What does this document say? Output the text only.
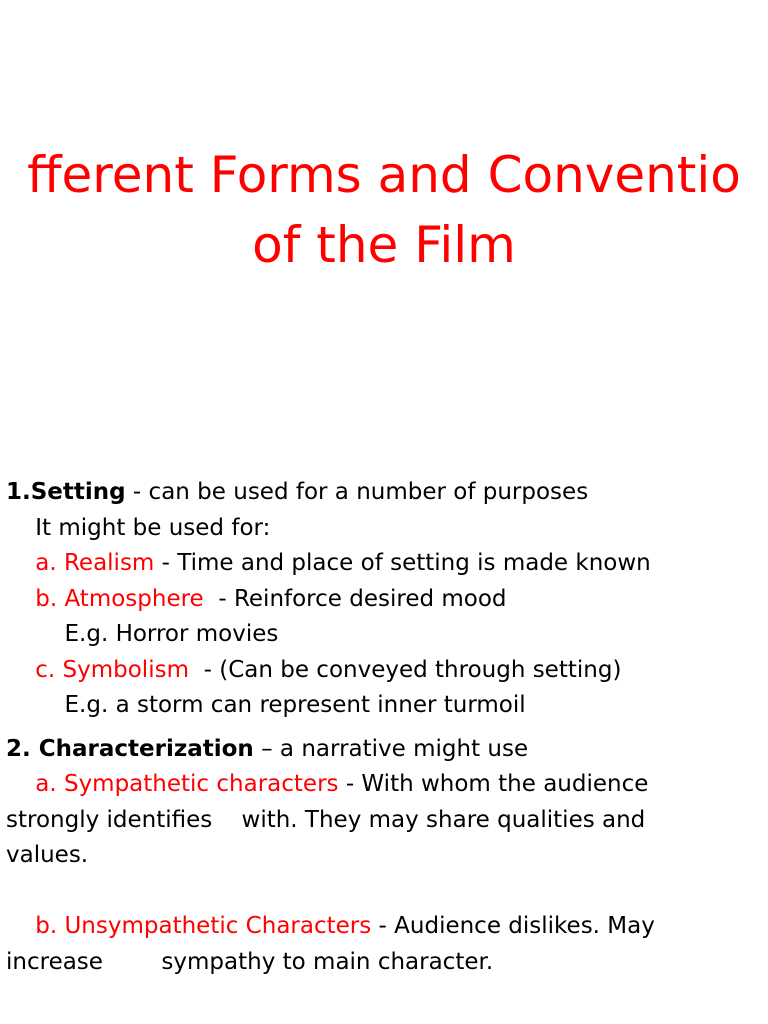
fferent Forms and Conventio
of the Film
1.Setting - can be used for a number of purposes
It might be used for:
a. Realism - Time and place of setting is made known
b. Atmosphere  - Reinforce desired mood
E.g. Horror movies
c. Symbolism  - (Can be conveyed through setting)
E.g. a storm can represent inner turmoil
2. Characterization – a narrative might use
a. Sympathetic characters - With whom the audience
strongly identifies    with. They may share qualities and
values.

b. Unsympathetic Characters - Audience dislikes. May
increase        sympathy to main character.
